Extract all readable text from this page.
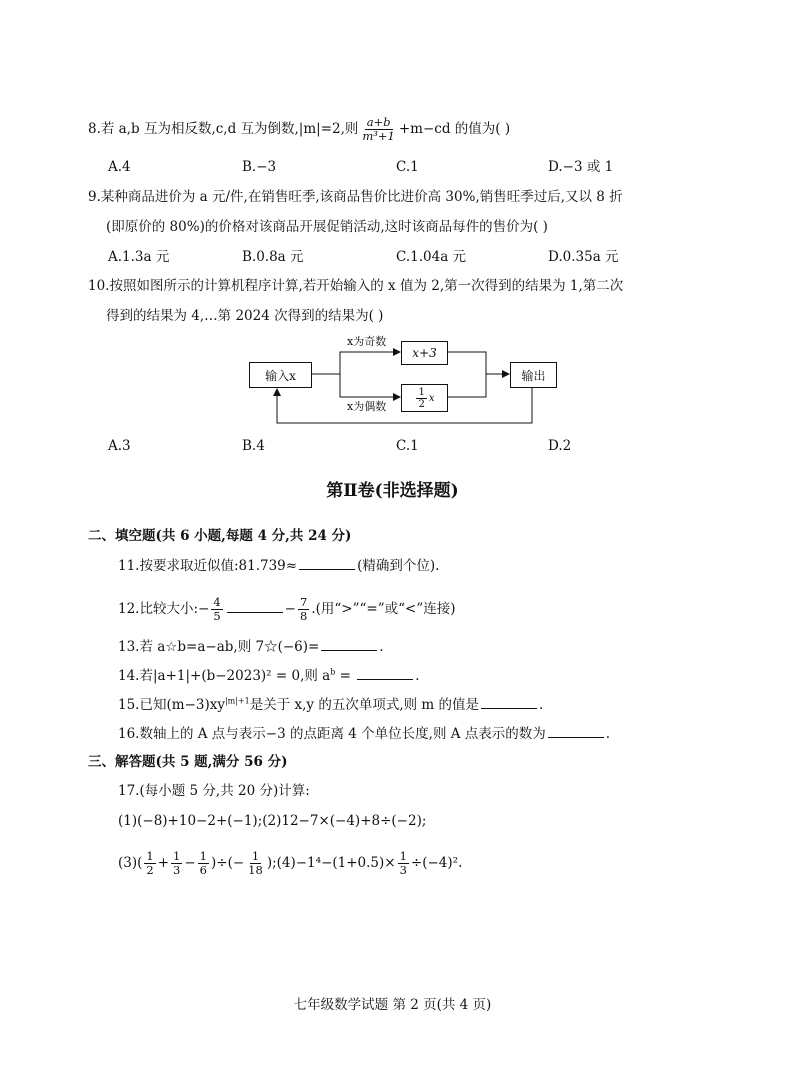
8.若 a,b 互为相反数,c,d 互为倒数,|m|=2,则 $\frac{a+b}{\text{m³+1}} +m-cd$ 的值为( )
A.4	B.−3	C.1	D.−3 或 1
9.某种商品进价为 a 元/件,在销售旺季,该商品售价比进价高 30%,销售旺季过后,又以 8 折
(即原价的 80%)的价格对该商品开展促销活动,这时该商品每件的售价为( )
A.1.3a 元	B.0.8a 元	C.1.04a 元	D.0.35a 元
10.按照如图所示的计算机程序计算,若开始输入的 x 值为 2,第一次得到的结果为 1,第二次
得到的结果为 4,…第 2024 次得到的结果为( )
输入x
x+3
$\frac{1}{2}$ x
输出
x为奇数
x为偶数
A.3	B.4	C.1	D.2
第Ⅱ卷(非选择题)
二、填空题(共 6 小题,每题 4 分,共 24 分)
11.按要求取近似值:81.739≈	(精确到个位).
12.比较大小:− $\frac{4}{5}$	− $\frac{7}{8}$ .(用“>”“=”或“<”连接)
13.若 a☆b=a−ab,则 7☆(−6)=	.
14.若|a+1|+(b−2023)² = 0,则 $a^b$ =	.
15.已知$(m-3)xy^{|m|+1}$是关于 x,y 的五次单项式,则 m 的值是	.
16.数轴上的 A 点与表示−3 的点距离 4 个单位长度,则 A 点表示的数为	.
三、解答题(共 5 题,满分 56 分)
17.(每小题 5 分,共 20 分)计算:
(1)(−8)+10−2+(−1);(2)12−7×(−4)+8÷(−2);
$(3)( \frac{1}{2} + \frac{1}{3} - \frac{1}{6}$ )÷(− $\frac{1}{18}$ );(4)−1⁴−(1+0.5)× $\frac{1}{3} \div(-4)^2$.
七年级数学试题 第 2 页(共 4 页)
